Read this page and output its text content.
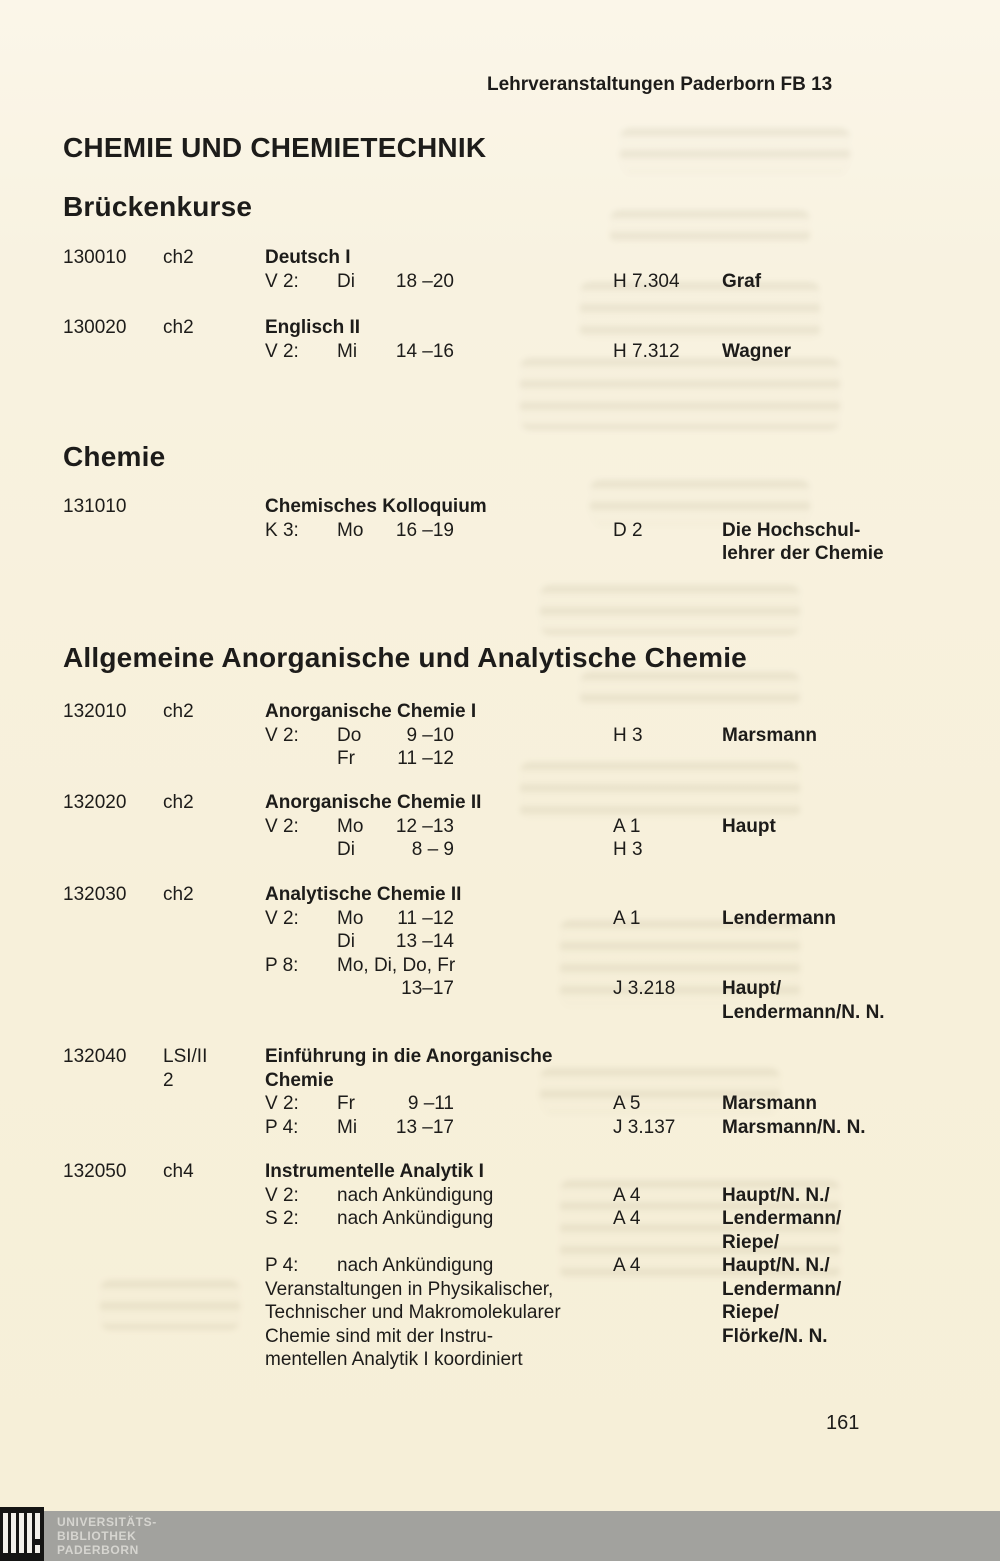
Lehrveranstaltungen Paderborn FB 13
CHEMIE UND CHEMIETECHNIK
Brückenkurse
130010 ch2	Deutsch I
V 2: Di	18 –20	H 7.304 Graf
130020 ch2	Englisch II
V 2: Mi	14 –16	H 7.312 Wagner
Chemie
131010	Chemisches Kolloquium
K 3: Mo	16 –19	D 2	Die Hochschul-
lehrer der Chemie
Allgemeine Anorganische und Analytische Chemie
132010 ch2	Anorganische Chemie I
V 2: Do	9 –10	H 3	Marsmann
Fr	11 –12
132020 ch2	Anorganische Chemie II
V 2: Mo	12 –13	A 1	Haupt
Di	8 – 9	H 3
132030 ch2	Analytische Chemie II
V 2: Mo	11 –12	A 1	Lendermann
Di	13 –14
P 8: Mo, Di, Do, Fr
13–17	J 3.218 Haupt/
Lendermann/N. N.
132040 LSI/II	Einführung in die Anorganische
2	Chemie
V 2: Fr	9 –11	A 5	Marsmann
P 4: Mi	13 –17	J 3.137 Marsmann/N. N.
132050 ch4	Instrumentelle Analytik I
V 2: nach Ankündigung	A 4	Haupt/N. N./
S 2: nach Ankündigung	A 4	Lendermann/
Riepe/
P 4: nach Ankündigung	A 4	Haupt/N. N./
Veranstaltungen in Physikalischer,	Lendermann/
Technischer und Makromolekularer	Riepe/
Chemie sind mit der Instru-	Flörke/N. N.
mentellen Analytik I koordiniert
161
UNIVERSITÄTS-
BIBLIOTHEK
PADERBORN
